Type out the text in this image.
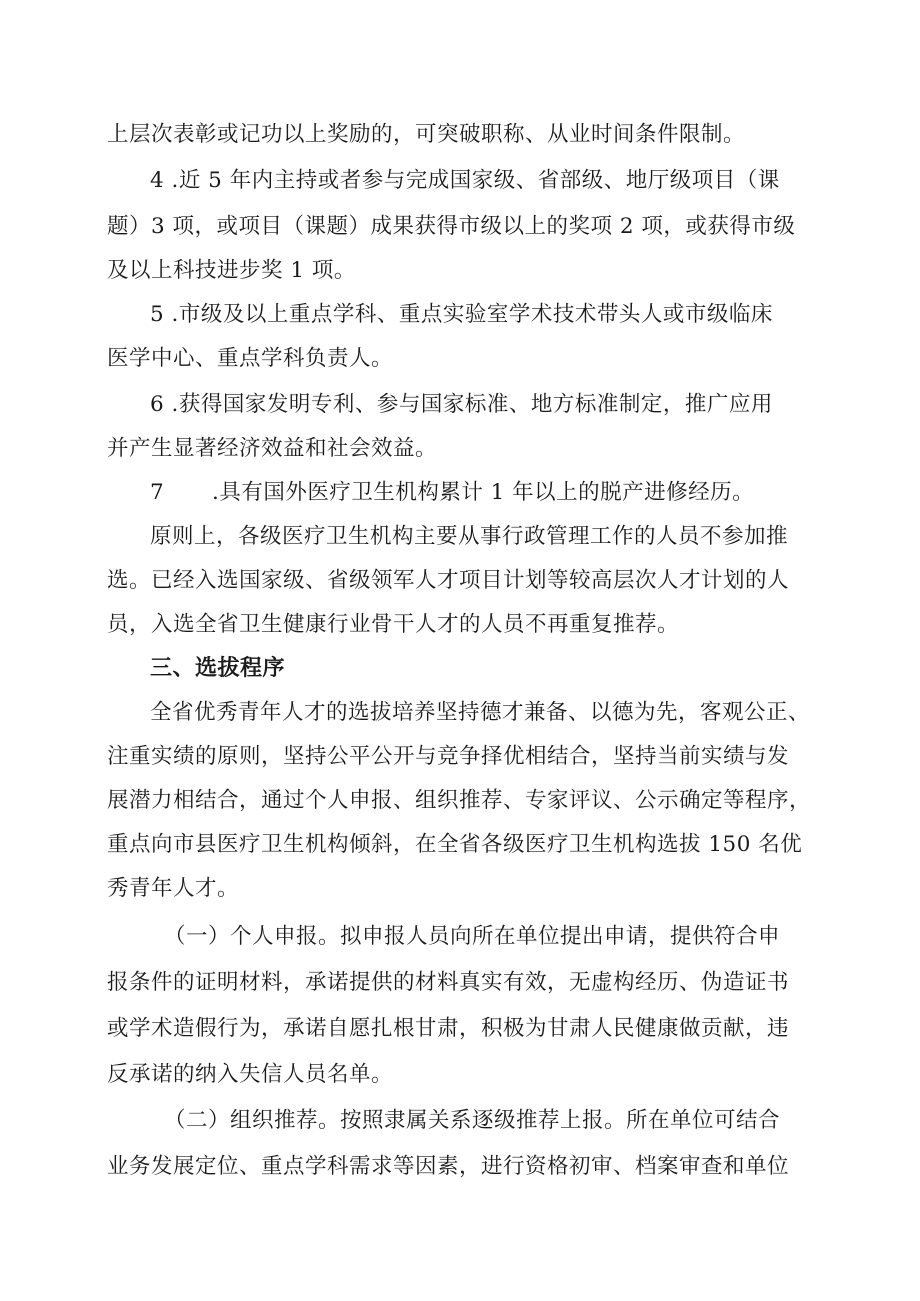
上层次表彰或记功以上奖励的，可突破职称、从业时间条件限制。
4 .近 5 年内主持或者参与完成国家级、省部级、地厅级项目（课
题）3 项，或项目（课题）成果获得市级以上的奖项 2 项，或获得市级
及以上科技进步奖 1 项。
5 .市级及以上重点学科、重点实验室学术技术带头人或市级临床
医学中心、重点学科负责人。
6 .获得国家发明专利、参与国家标准、地方标准制定，推广应用
并产生显著经济效益和社会效益。
7 .具有国外医疗卫生机构累计 1 年以上的脱产进修经历。
原则上，各级医疗卫生机构主要从事行政管理工作的人员不参加推
选。已经入选国家级、省级领军人才项目计划等较高层次人才计划的人
员，入选全省卫生健康行业骨干人才的人员不再重复推荐。
三、选拔程序
全省优秀青年人才的选拔培养坚持德才兼备、以德为先，客观公正、
注重实绩的原则，坚持公平公开与竞争择优相结合，坚持当前实绩与发
展潜力相结合，通过个人申报、组织推荐、专家评议、公示确定等程序，
重点向市县医疗卫生机构倾斜，在全省各级医疗卫生机构选拔 150 名优
秀青年人才。
（一）个人申报。拟申报人员向所在单位提出申请，提供符合申
报条件的证明材料，承诺提供的材料真实有效，无虚构经历、伪造证书
或学术造假行为，承诺自愿扎根甘肃，积极为甘肃人民健康做贡献，违
反承诺的纳入失信人员名单。
（二）组织推荐。按照隶属关系逐级推荐上报。所在单位可结合
业务发展定位、重点学科需求等因素，进行资格初审、档案审查和单位
